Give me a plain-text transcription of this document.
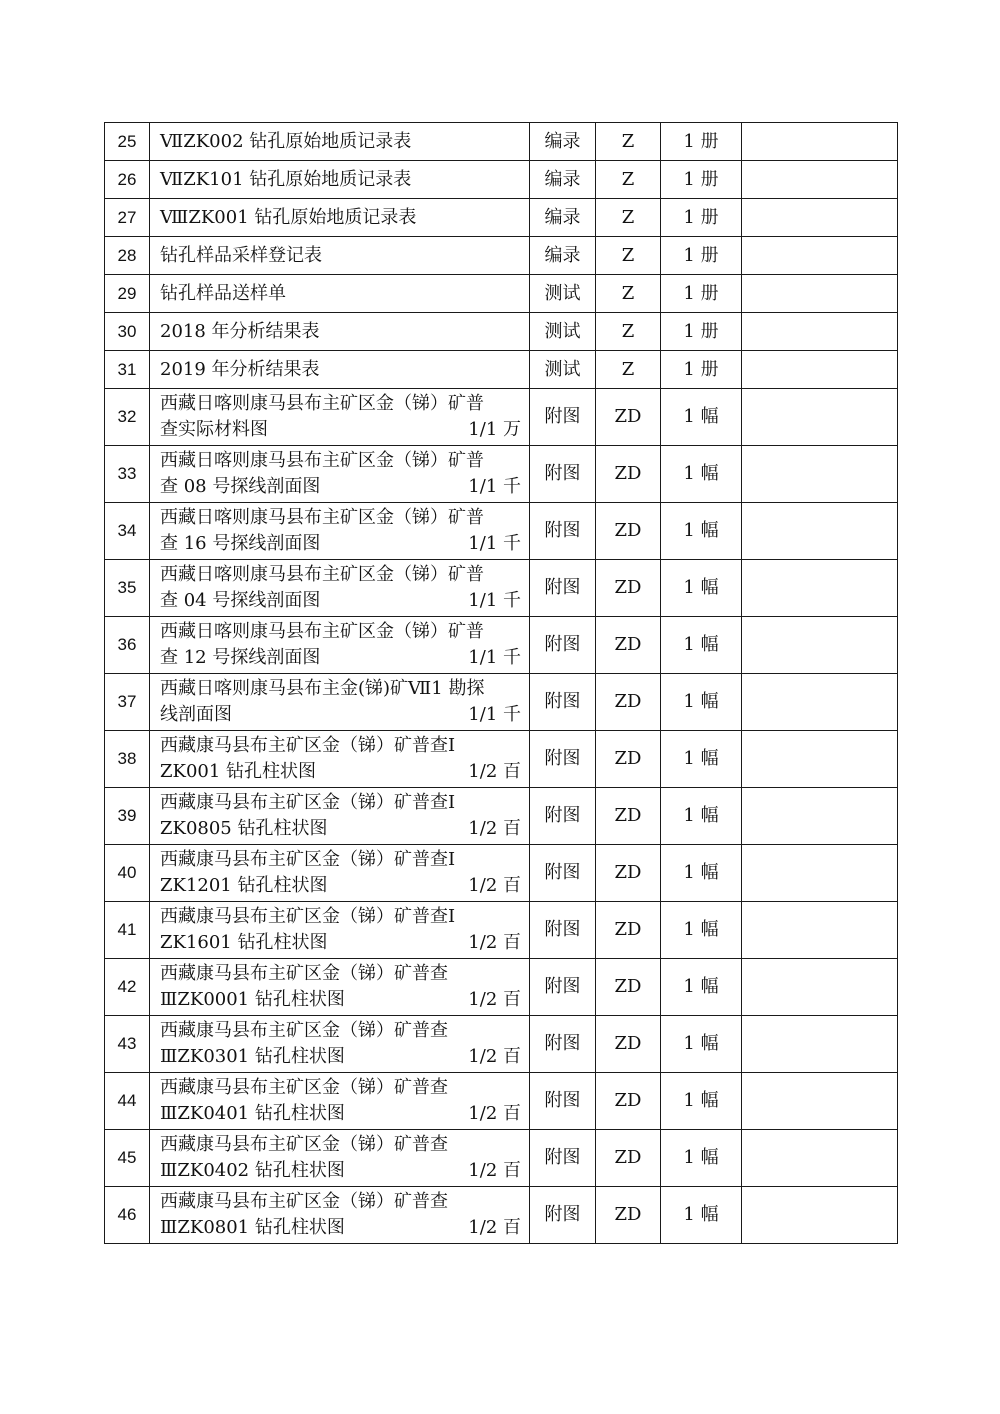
25	ⅦZK002 钻孔原始地质记录表	编录	Z	1 册	
26	ⅦZK101 钻孔原始地质记录表	编录	Z	1 册	
27	ⅧZK001 钻孔原始地质记录表	编录	Z	1 册	
28	钻孔样品采样登记表	编录	Z	1 册	
29	钻孔样品送样单	测试	Z	1 册	
30	2018 年分析结果表	测试	Z	1 册	
31	2019 年分析结果表	测试	Z	1 册	
32	西藏日喀则康马县布主矿区金（锑）矿普
查实际材料图 1/1 万	附图	ZD	1 幅	
33	西藏日喀则康马县布主矿区金（锑）矿普
查 08 号探线剖面图 1/1 千	附图	ZD	1 幅	
34	西藏日喀则康马县布主矿区金（锑）矿普
查 16 号探线剖面图 1/1 千	附图	ZD	1 幅	
35	西藏日喀则康马县布主矿区金（锑）矿普
查 04 号探线剖面图 1/1 千	附图	ZD	1 幅	
36	西藏日喀则康马县布主矿区金（锑）矿普
查 12 号探线剖面图 1/1 千	附图	ZD	1 幅	
37	西藏日喀则康马县布主金(锑)矿Ⅶ1 勘探
线剖面图 1/1 千	附图	ZD	1 幅	
38	西藏康马县布主矿区金（锑）矿普查Ⅰ
ZK001 钻孔柱状图 1/2 百	附图	ZD	1 幅	
39	西藏康马县布主矿区金（锑）矿普查Ⅰ
ZK0805 钻孔柱状图 1/2 百	附图	ZD	1 幅	
40	西藏康马县布主矿区金（锑）矿普查Ⅰ
ZK1201 钻孔柱状图 1/2 百	附图	ZD	1 幅	
41	西藏康马县布主矿区金（锑）矿普查Ⅰ
ZK1601 钻孔柱状图 1/2 百	附图	ZD	1 幅	
42	西藏康马县布主矿区金（锑）矿普查
ⅢZK0001 钻孔柱状图 1/2 百	附图	ZD	1 幅	
43	西藏康马县布主矿区金（锑）矿普查
ⅢZK0301 钻孔柱状图 1/2 百	附图	ZD	1 幅	
44	西藏康马县布主矿区金（锑）矿普查
ⅢZK0401 钻孔柱状图 1/2 百	附图	ZD	1 幅	
45	西藏康马县布主矿区金（锑）矿普查
ⅢZK0402 钻孔柱状图 1/2 百	附图	ZD	1 幅	
46	西藏康马县布主矿区金（锑）矿普查
ⅢZK0801 钻孔柱状图 1/2 百	附图	ZD	1 幅	
